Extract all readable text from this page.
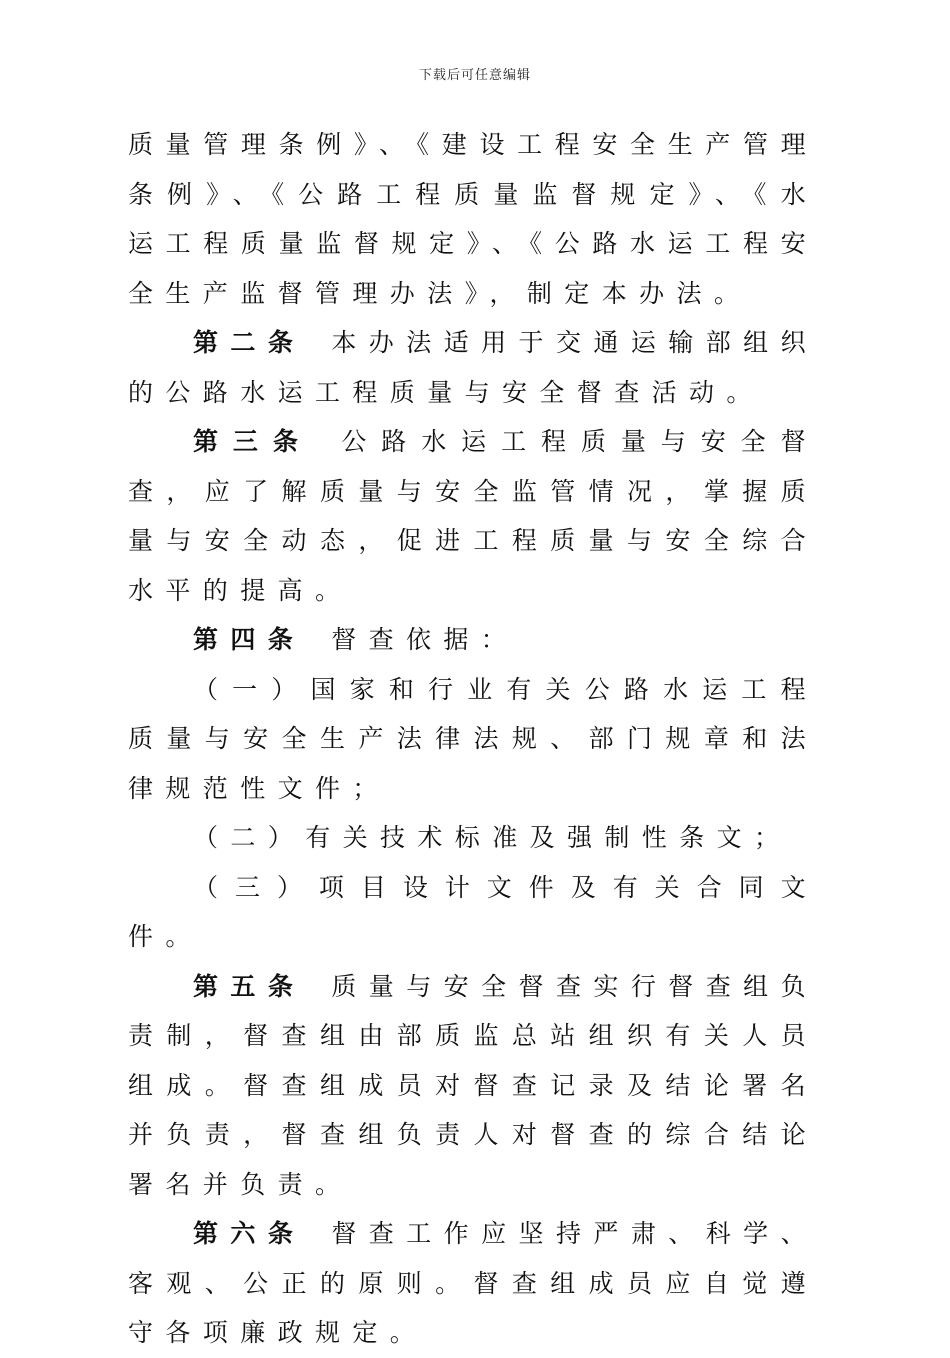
下载后可任意编辑

质量管理条例》、《建设工程安全生产管理条例》、《公路工程质量监督规定》、《水运工程质量监督规定》、《公路水运工程安全生产监督管理办法》，制定本办法。

第二条 本办法适用于交通运输部组织的公路水运工程质量与安全督查活动。

第三条 公路水运工程质量与安全督查，应了解质量与安全监管情况，掌握质量与安全动态，促进工程质量与安全综合水平的提高。

第四条 督查依据：

（一）国家和行业有关公路水运工程质量与安全生产法律法规、部门规章和法律规范性文件；

（二）有关技术标准及强制性条文；

（三）项目设计文件及有关合同文件。

第五条 质量与安全督查实行督查组负责制，督查组由部质监总站组织有关人员组成。督查组成员对督查记录及结论署名并负责，督查组负责人对督查的综合结论署名并负责。

第六条 督查工作应坚持严肃、科学、客观、公正的原则。督查组成员应自觉遵守各项廉政规定。
